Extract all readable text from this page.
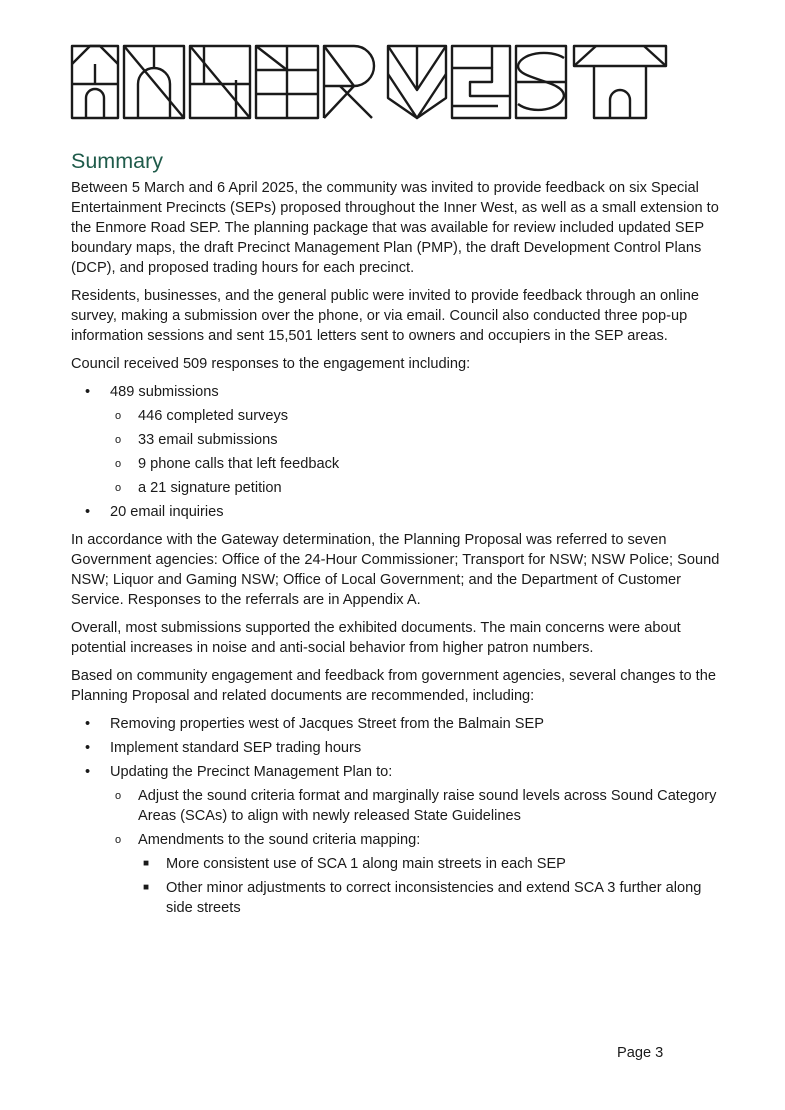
Summary

Between 5 March and 6 April 2025, the community was invited to provide feedback on six Special Entertainment Precincts (SEPs) proposed throughout the Inner West, as well as a small extension to the Enmore Road SEP. The planning package that was available for review included updated SEP boundary maps, the draft Precinct Management Plan (PMP), the draft Development Control Plans (DCP), and proposed trading hours for each precinct.

Residents, businesses, and the general public were invited to provide feedback through an online survey, making a submission over the phone, or via email. Council also conducted three pop-up information sessions and sent 15,501 letters sent to owners and occupiers in the SEP areas.

Council received 509 responses to the engagement including:

• 489 submissions
o 446 completed surveys
o 33 email submissions
o 9 phone calls that left feedback
o a 21 signature petition
• 20 email inquiries

In accordance with the Gateway determination, the Planning Proposal was referred to seven Government agencies: Office of the 24-Hour Commissioner; Transport for NSW; NSW Police; Sound NSW; Liquor and Gaming NSW; Office of Local Government; and the Department of Customer Service. Responses to the referrals are in Appendix A.

Overall, most submissions supported the exhibited documents. The main concerns were about potential increases in noise and anti-social behavior from higher patron numbers.

Based on community engagement and feedback from government agencies, several changes to the Planning Proposal and related documents are recommended, including:

• Removing properties west of Jacques Street from the Balmain SEP
• Implement standard SEP trading hours
• Updating the Precinct Management Plan to:
o Adjust the sound criteria format and marginally raise sound levels across Sound Category Areas (SCAs) to align with newly released State Guidelines
o Amendments to the sound criteria mapping:
■ More consistent use of SCA 1 along main streets in each SEP
■ Other minor adjustments to correct inconsistencies and extend SCA 3 further along side streets
Page 3
